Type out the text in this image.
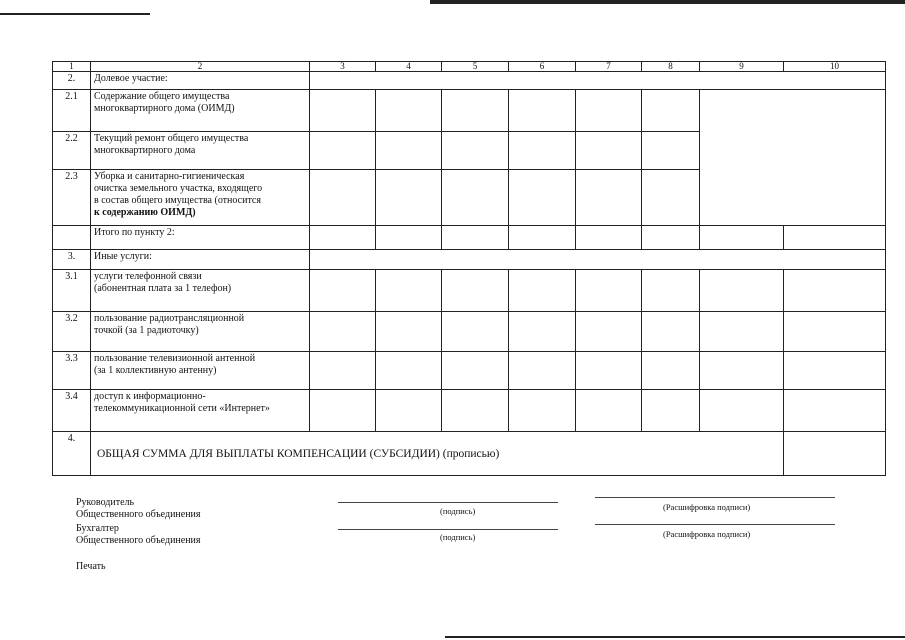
1	2	3	4	5	6	7	8	9	10
2.	Долевое участие:								
2.1	Содержание общего имущества
многоквартирного дома (ОИМД)								

2.2	Текущий ремонт общего имущества
многоквартирного дома								

2.3	Уборка и санитарно-гигиеническая
очистка земельного участка, входящего
в состав общего имущества (относится
к содержанию ОИМД)								

	Итого по пункту 2:								
3.	Иные услуги:								
3.1	услуги телефонной связи
(абонентная плата за 1 телефон)								

3.2	пользование радиотрансляционной
точкой (за 1 радиоточку)								

3.3	пользование телевизионной антенной
(за 1 коллективную антенну)								

3.4	доступ к информационно-
телекоммуникационной сети «Интернет»								

4.	ОБЩАЯ СУММА ДЛЯ ВЫПЛАТЫ КОМПЕНСАЦИИ (СУБСИДИИ) (прописью)								
Руководитель
Общественного объединения	(подпись)	(Расшифровка подписи)
Бухгалтер
Общественного объединения	(подпись)	(Расшифровка подписи)
Печать
